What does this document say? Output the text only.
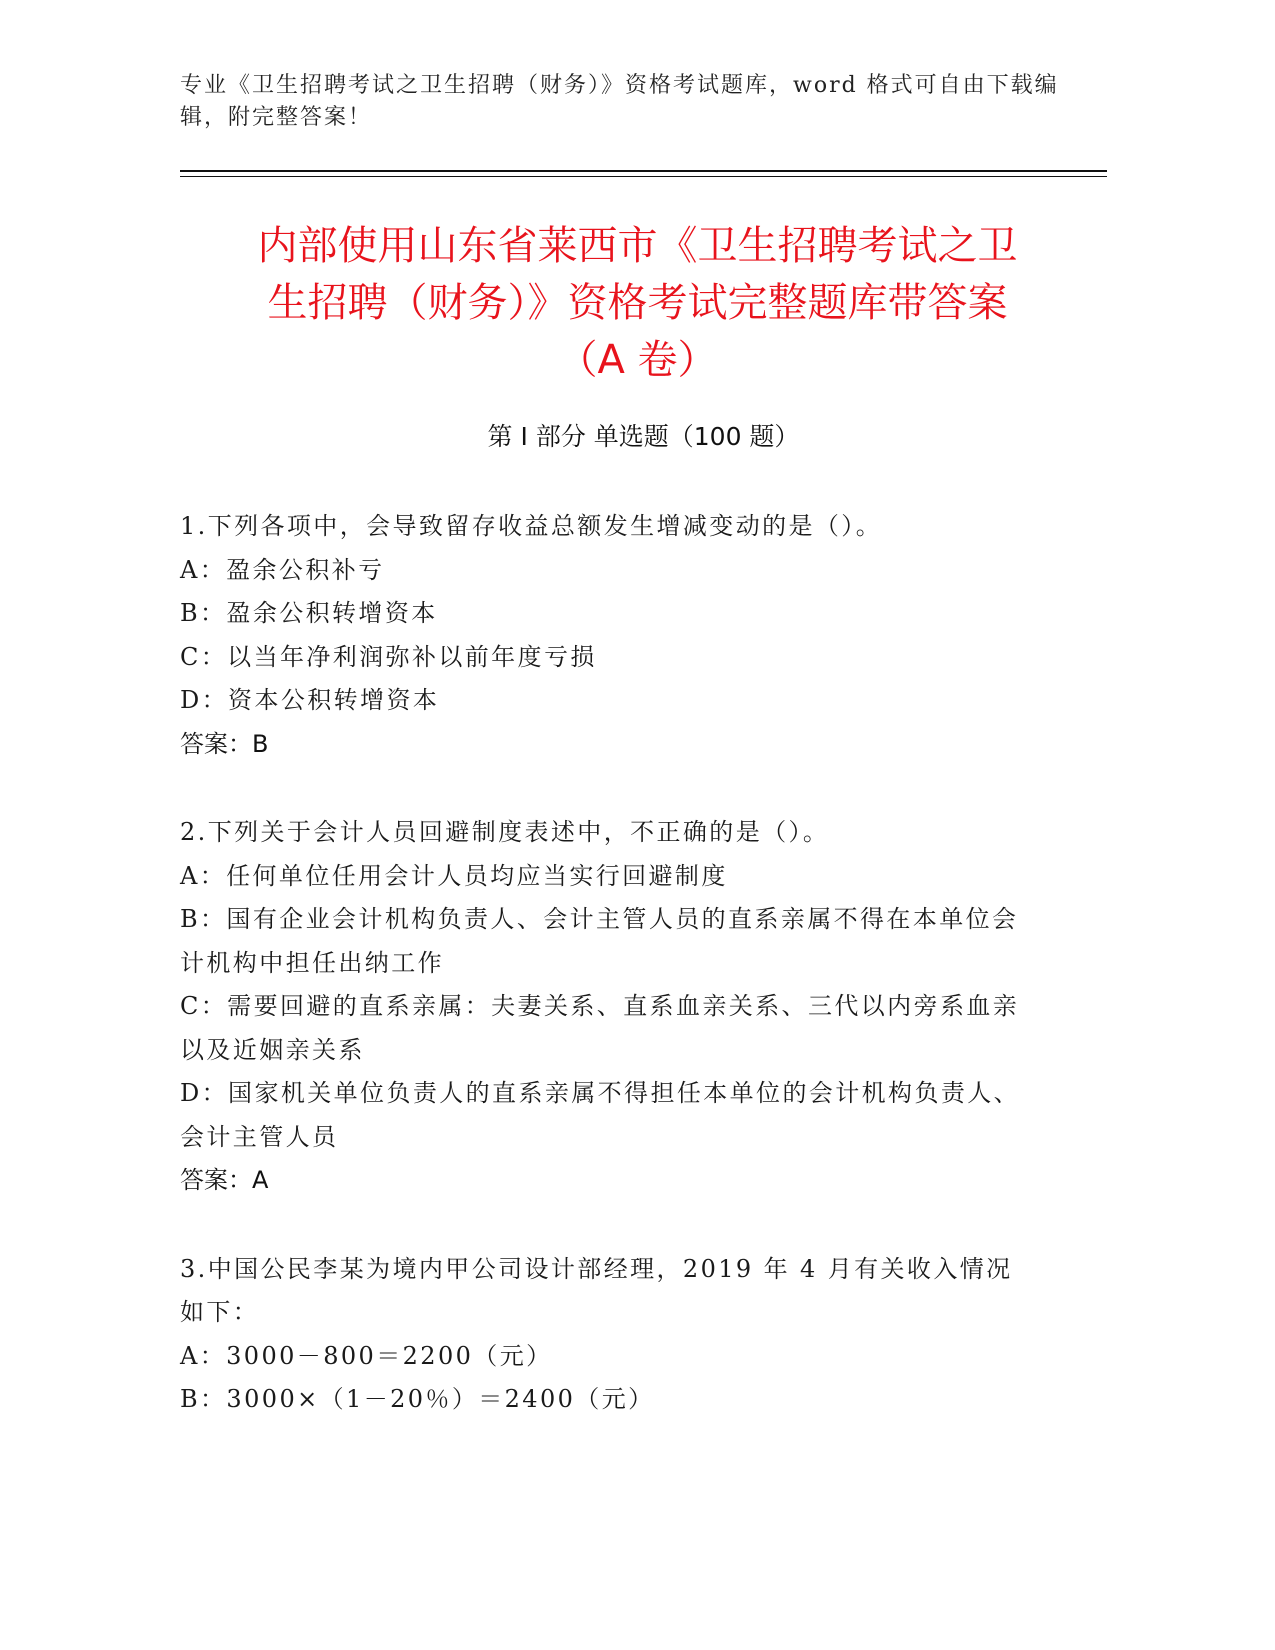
专业《卫生招聘考试之卫生招聘（财务）》资格考试题库，word 格式可自由下载编辑，附完整答案！
内部使用山东省莱西市《卫生招聘考试之卫
生招聘（财务）》资格考试完整题库带答案
（A 卷）
第 I 部分 单选题（100 题）

1.下列各项中，会导致留存收益总额发生增减变动的是（）。

A：盈余公积补亏

B：盈余公积转增资本

C：以当年净利润弥补以前年度亏损

D：资本公积转增资本

答案：B

2.下列关于会计人员回避制度表述中，不正确的是（）。

A：任何单位任用会计人员均应当实行回避制度

B：国有企业会计机构负责人、会计主管人员的直系亲属不得在本单位会计机构中担任出纳工作

C：需要回避的直系亲属：夫妻关系、直系血亲关系、三代以内旁系血亲以及近姻亲关系

D：国家机关单位负责人的直系亲属不得担任本单位的会计机构负责人、会计主管人员

答案：A

3.中国公民李某为境内甲公司设计部经理，2019 年 4 月有关收入情况如下：

A：3000－800＝2200（元）

B：3000×（1－20％）＝2400（元）
